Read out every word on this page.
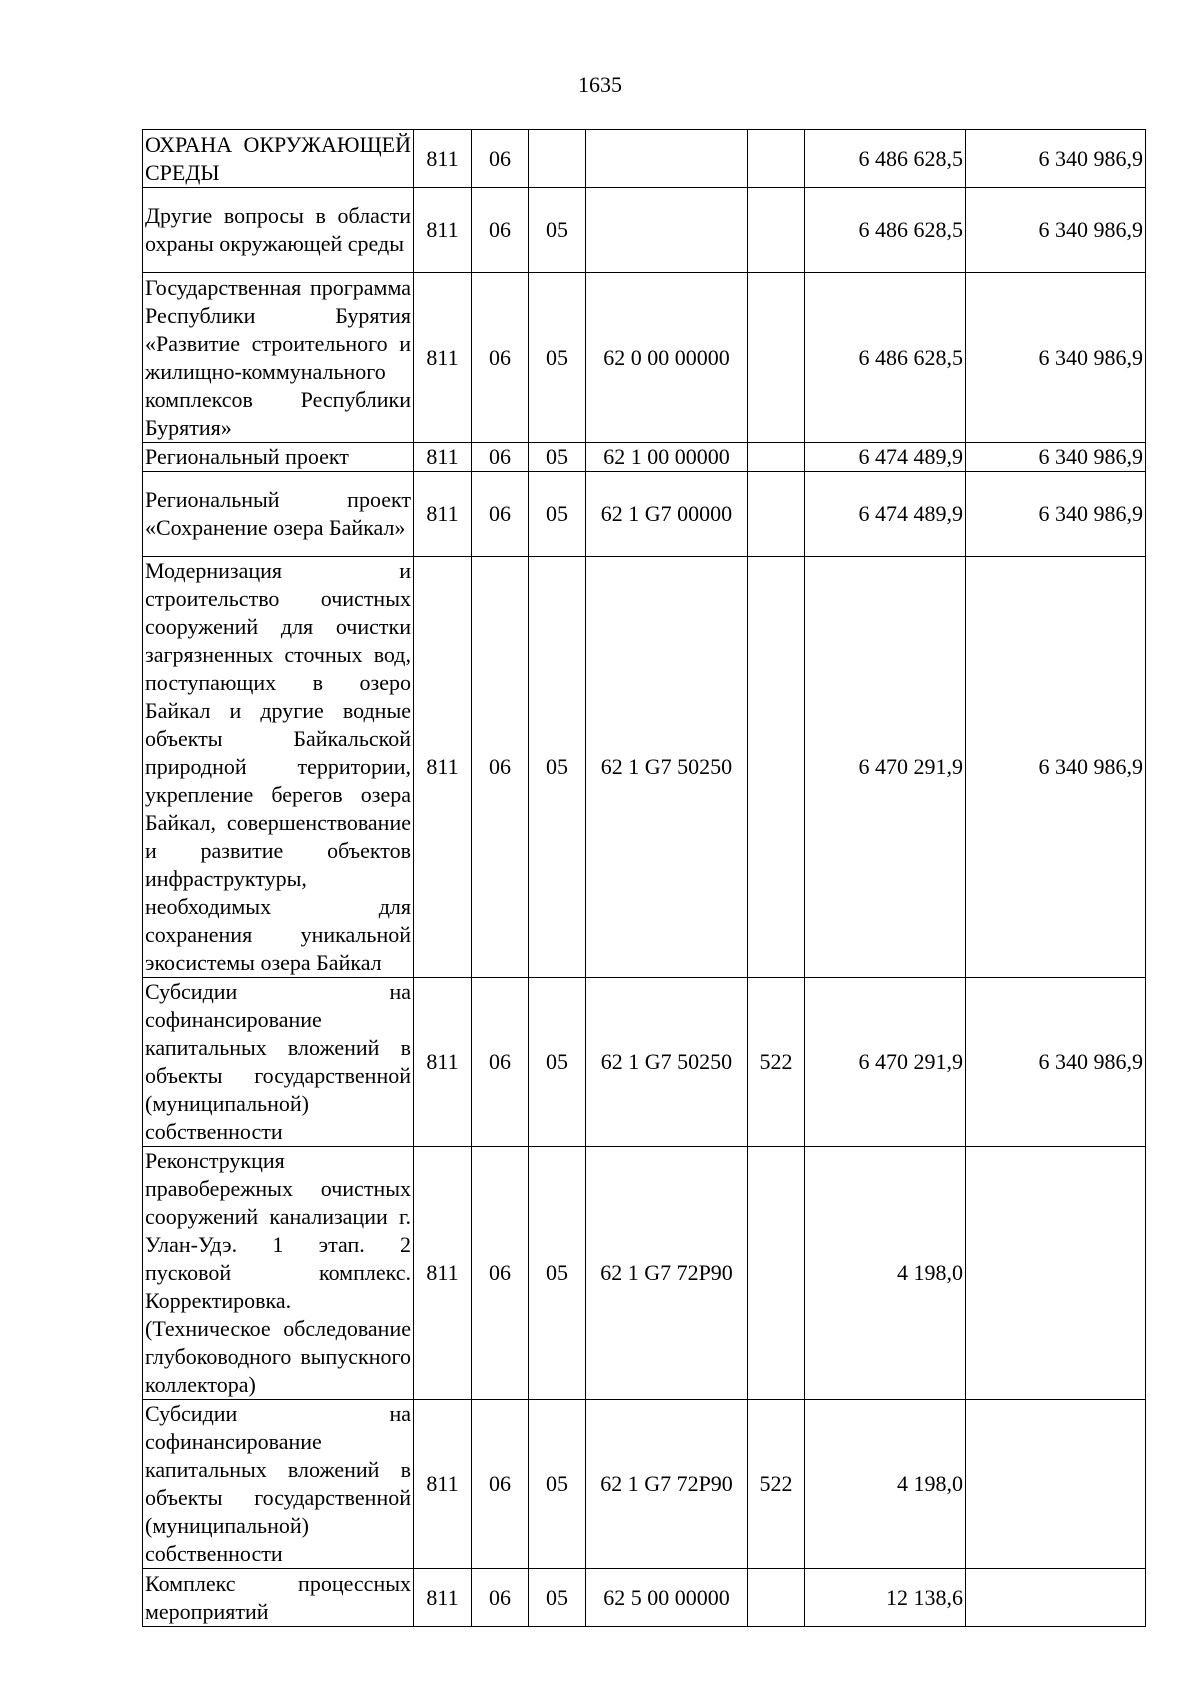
1635
ОХРАНА ОКРУЖАЮЩЕЙ СРЕДЫ	811	06				6 486 628,5	6 340 986,9
Другие вопросы в области охраны окружающей среды	811	06	05			6 486 628,5	6 340 986,9
Государственная программа Республики Бурятия «Развитие строительного и жилищно-коммунального комплексов Республики Бурятия»	811	06	05	62 0 00 00000		6 486 628,5	6 340 986,9
Региональный проект	811	06	05	62 1 00 00000		6 474 489,9	6 340 986,9
Региональный проект «Сохранение озера Байкал»	811	06	05	62 1 G7 00000		6 474 489,9	6 340 986,9
Модернизация и строительство очистных сооружений для очистки загрязненных сточных вод, поступающих в озеро Байкал и другие водные объекты Байкальской природной территории, укрепление берегов озера Байкал, совершенствование и развитие объектов инфраструктуры, необходимых для сохранения уникальной экосистемы озера Байкал	811	06	05	62 1 G7 50250		6 470 291,9	6 340 986,9
Субсидии на софинансирование капитальных вложений в объекты государственной (муниципальной) собственности	811	06	05	62 1 G7 50250	522	6 470 291,9	6 340 986,9
Реконструкция правобережных очистных сооружений канализации г. Улан-Удэ. 1 этап. 2 пусковой комплекс. Корректировка. (Техническое обследование глубоководного выпускного коллектора)	811	06	05	62 1 G7 72P90		4 198,0	
Субсидии на софинансирование капитальных вложений в объекты государственной (муниципальной) собственности	811	06	05	62 1 G7 72P90	522	4 198,0	
Комплекс процессных мероприятий	811	06	05	62 5 00 00000		12 138,6	
